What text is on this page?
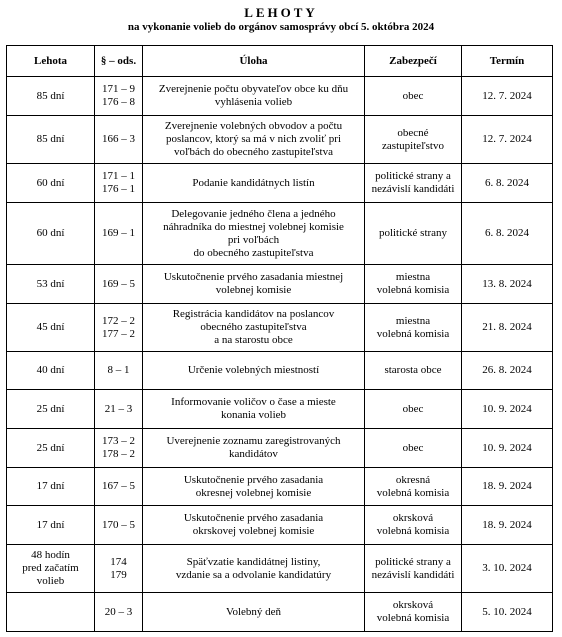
LEHOTY
na vykonanie volieb do orgánov samosprávy obcí 5. októbra 2024
Lehota	§ – ods.	Úloha	Zabezpečí	Termín

85 dní	171 – 9
176 – 8	Zverejnenie počtu obyvateľov obce ku dňu
vyhlásenia volieb	obec	12. 7. 2024

85 dní	166 – 3	Zverejnenie volebných obvodov a počtu
poslancov, ktorý sa má v nich zvoliť pri
voľbách do obecného zastupiteľstva	obecné
zastupiteľstvo	12. 7. 2024

60 dní	171 – 1
176 – 1	Podanie kandidátnych listín	politické strany a
nezávislí kandidáti	6. 8. 2024

60 dní	169 – 1	Delegovanie jedného člena a jedného
náhradníka do miestnej volebnej komisie
pri voľbách
do obecného zastupiteľstva	politické strany	6. 8. 2024

53 dní	169 – 5	Uskutočnenie prvého zasadania miestnej
volebnej komisie	miestna
volebná komisia	13. 8. 2024

45 dní	172 – 2
177 – 2	Registrácia kandidátov na poslancov
obecného zastupiteľstva
a na starostu obce	miestna
volebná komisia	21. 8. 2024

40 dní	8 – 1	Určenie volebných miestností	starosta obce	26. 8. 2024

25 dní	21 – 3	Informovanie voličov o čase a mieste
konania volieb	obec	10. 9. 2024

25 dní	173 – 2
178 – 2	Uverejnenie zoznamu zaregistrovaných
kandidátov	obec	10. 9. 2024

17 dní	167 – 5	Uskutočnenie prvého zasadania
okresnej volebnej komisie	okresná
volebná komisia	18. 9. 2024

17 dní	170 – 5	Uskutočnenie prvého zasadania
okrskovej volebnej komisie	okrsková
volebná komisia	18. 9. 2024

48 hodín
pred začatím
volieb	174
179	Späťvzatie kandidátnej listiny,
vzdanie sa a odvolanie kandidatúry	politické strany a
nezávislí kandidáti	3. 10. 2024

	20 – 3	Volebný deň	okrsková
volebná komisia	5. 10. 2024
